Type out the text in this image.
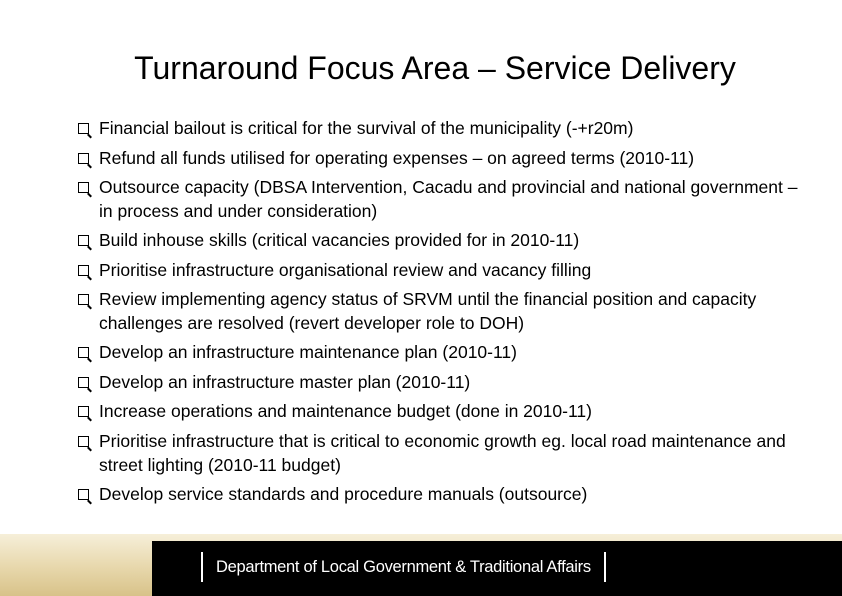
Turnaround Focus Area – Service Delivery
Financial bailout is critical for the survival of the municipality (-+r20m)
Refund all funds utilised for operating expenses – on agreed terms (2010-11)
Outsource capacity (DBSA Intervention, Cacadu and provincial and national government – in process and under consideration)
Build inhouse skills (critical vacancies provided for in 2010-11)
Prioritise infrastructure organisational review and vacancy filling
Review implementing agency status of SRVM until the financial position and capacity challenges are resolved (revert developer role to DOH)
Develop an infrastructure maintenance plan (2010-11)
Develop an infrastructure master plan (2010-11)
Increase operations and maintenance budget (done in 2010-11)
Prioritise infrastructure that is critical to economic growth eg. local road maintenance and street lighting (2010-11 budget)
Develop service standards and procedure manuals (outsource)
Department of Local Government & Traditional Affairs
